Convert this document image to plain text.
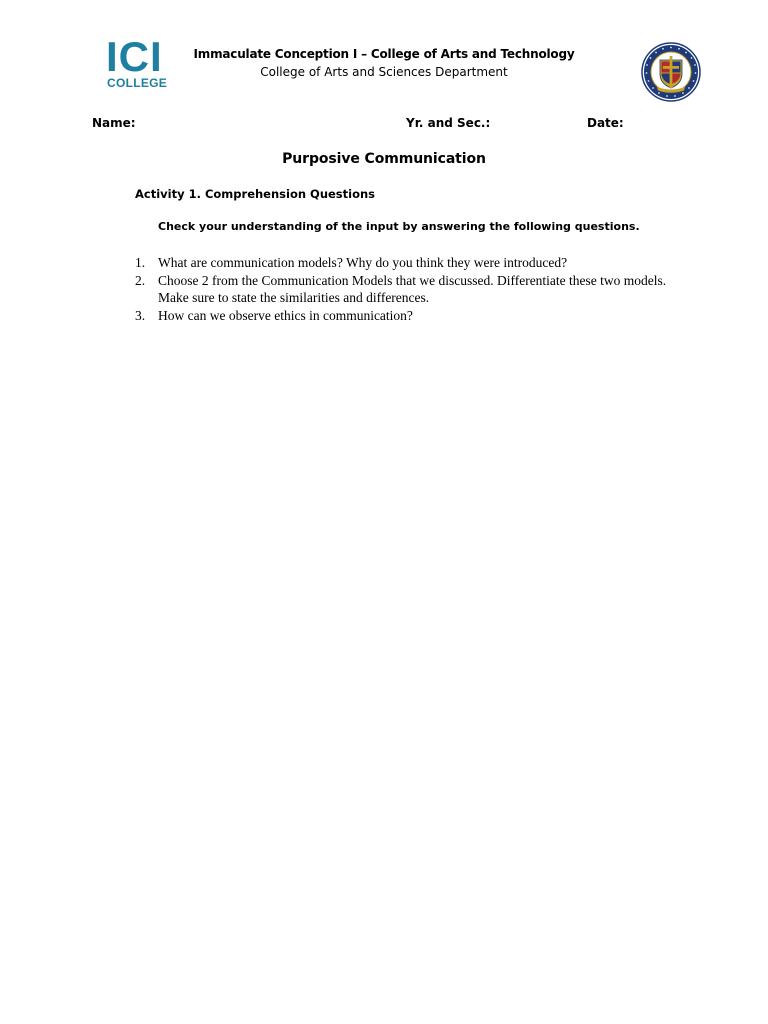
ICI
COLLEGE
Immaculate Conception I – College of Arts and Technology
College of Arts and Sciences Department
Name:	Yr. and Sec.:	Date:
Purposive Communication
Activity 1. Comprehension Questions
Check your understanding of the input by answering the following questions.
1. What are communication models? Why do you think they were introduced?
2. Choose 2 from the Communication Models that we discussed. Differentiate these two models. Make sure to state the similarities and differences.
3. How can we observe ethics in communication?
